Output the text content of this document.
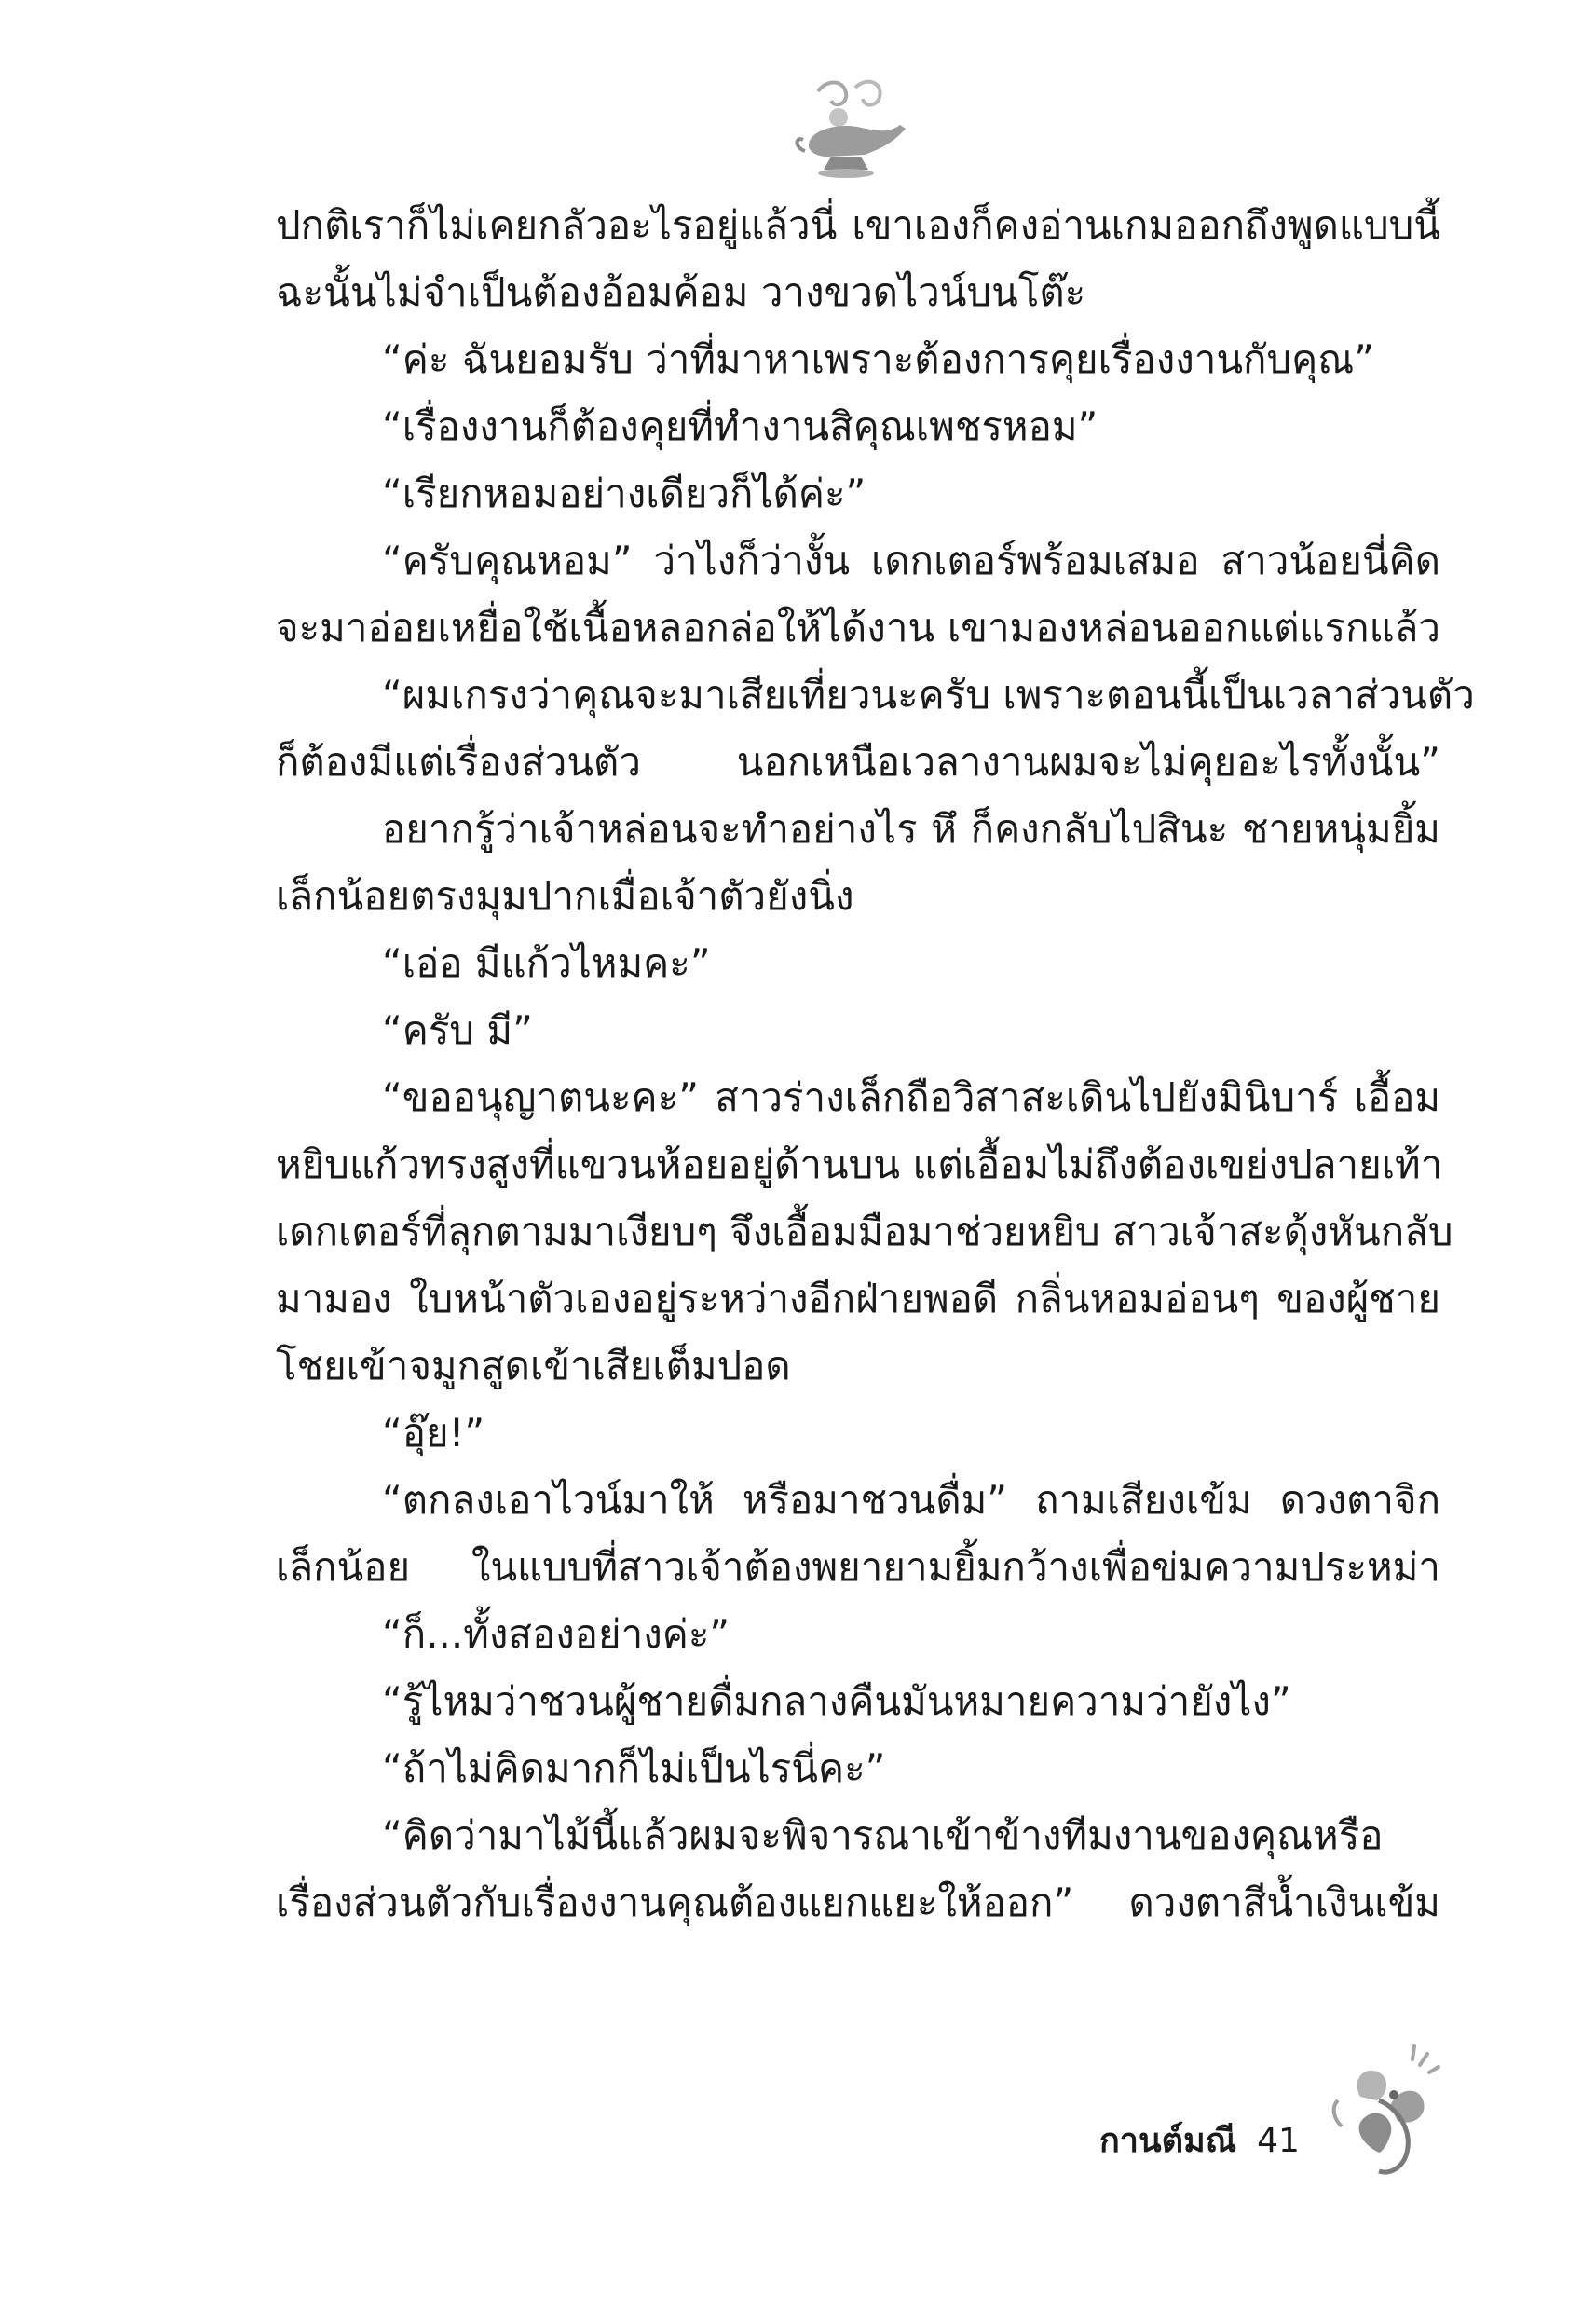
ปกติเราก็ไม่เคยกลัวอะไรอยู่แล้วนี่ เขาเองก็คงอ่านเกมออกถึงพูดแบบนี้
ฉะนั้นไม่จำเป็นต้องอ้อมค้อม วางขวดไวน์บนโต๊ะ
“ค่ะ ฉันยอมรับ ว่าที่มาหาเพราะต้องการคุยเรื่องงานกับคุณ”
“เรื่องงานก็ต้องคุยที่ทำงานสิคุณเพชรหอม”
“เรียกหอมอย่างเดียวก็ได้ค่ะ”
“ครับคุณหอม” ว่าไงก็ว่างั้น เดกเตอร์พร้อมเสมอ สาวน้อยนี่คิด
จะมาอ่อยเหยื่อใช้เนื้อหลอกล่อให้ได้งาน เขามองหล่อนออกแต่แรกแล้ว
“ผมเกรงว่าคุณจะมาเสียเที่ยวนะครับ เพราะตอนนี้เป็นเวลาส่วนตัว
ก็ต้องมีแต่เรื่องส่วนตัว นอกเหนือเวลางานผมจะไม่คุยอะไรทั้งนั้น”
อยากรู้ว่าเจ้าหล่อนจะทำอย่างไร หึ ก็คงกลับไปสินะ ชายหนุ่มยิ้ม
เล็กน้อยตรงมุมปากเมื่อเจ้าตัวยังนิ่ง
“เอ่อ มีแก้วไหมคะ”
“ครับ มี”
“ขออนุญาตนะคะ” สาวร่างเล็กถือวิสาสะเดินไปยังมินิบาร์ เอื้อม
หยิบแก้วทรงสูงที่แขวนห้อยอยู่ด้านบน แต่เอื้อมไม่ถึงต้องเขย่งปลายเท้า
เดกเตอร์ที่ลุกตามมาเงียบๆ จึงเอื้อมมือมาช่วยหยิบ สาวเจ้าสะดุ้งหันกลับ
มามอง ใบหน้าตัวเองอยู่ระหว่างอีกฝ่ายพอดี กลิ่นหอมอ่อนๆ ของผู้ชาย
โชยเข้าจมูกสูดเข้าเสียเต็มปอด
“อุ๊ย!”
“ตกลงเอาไวน์มาให้ หรือมาชวนดื่ม” ถามเสียงเข้ม ดวงตาจิก
เล็กน้อย ในแบบที่สาวเจ้าต้องพยายามยิ้มกว้างเพื่อข่มความประหม่า
“ก็...ทั้งสองอย่างค่ะ”
“รู้ไหมว่าชวนผู้ชายดื่มกลางคืนมันหมายความว่ายังไง”
“ถ้าไม่คิดมากก็ไม่เป็นไรนี่คะ”
“คิดว่ามาไม้นี้แล้วผมจะพิจารณาเข้าข้างทีมงานของคุณหรือ
เรื่องส่วนตัวกับเรื่องงานคุณต้องแยกแยะให้ออก” ดวงตาสีน้ำเงินเข้ม
กานต์มณี 41
